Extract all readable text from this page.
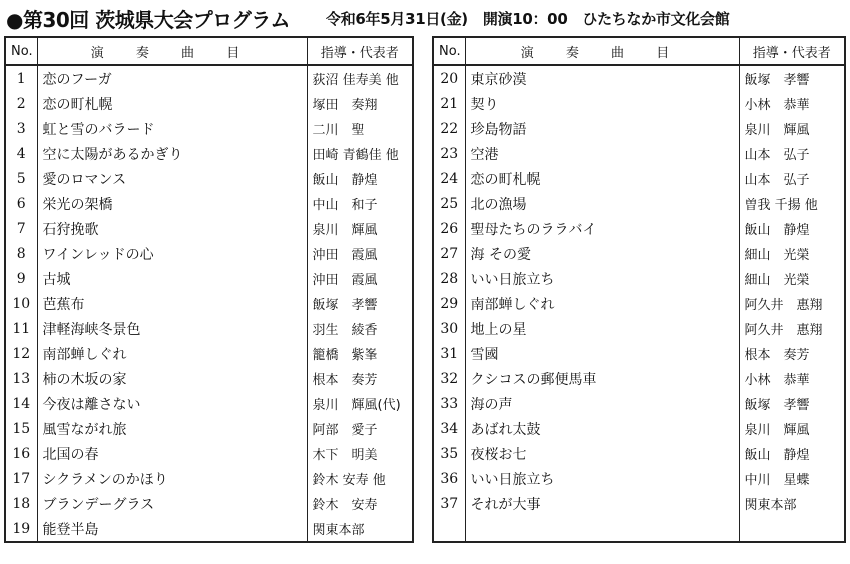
●第30回 茨城県大会プログラム 令和6年5月31日(金) 開演10：00 ひたちなか市文化会館
No.	演 奏 曲 目	指導・代表者
1	恋のフーガ	荻沼 佳寿美 他
2	恋の町札幌	塚田　奏翔
3	虹と雪のバラード	二川　聖
4	空に太陽があるかぎり	田崎 青鶴佳 他
5	愛のロマンス	飯山　静煌
6	栄光の架橋	中山　和子
7	石狩挽歌	泉川　輝風
8	ワインレッドの心	沖田　霞風
9	古城	沖田　霞風
10	芭蕉布	飯塚　孝響
11	津軽海峡冬景色	羽生　綾香
12	南部蝉しぐれ	籠橋　紫峯
13	柿の木坂の家	根本　奏芳
14	今夜は離さない	泉川　輝風(代)
15	風雪ながれ旅	阿部　愛子
16	北国の春	木下　明美
17	シクラメンのかほり	鈴木 安寿 他
18	ブランデーグラス	鈴木　安寿
19	能登半島	関東本部
No.	演 奏 曲 目	指導・代表者
20	東京砂漠	飯塚　孝響
21	契り	小林　恭華
22	珍島物語	泉川　輝風
23	空港	山本　弘子
24	恋の町札幌	山本　弘子
25	北の漁場	曽我 千揚 他
26	聖母たちのララバイ	飯山　静煌
27	海 その愛	細山　光榮
28	いい日旅立ち	細山　光榮
29	南部蝉しぐれ	阿久井　惠翔
30	地上の星	阿久井　惠翔
31	雪國	根本　奏芳
32	クシコスの郵便馬車	小林　恭華
33	海の声	飯塚　孝響
34	あばれ太鼓	泉川　輝風
35	夜桜お七	飯山　静煌
36	いい日旅立ち	中川　星蝶
37	それが大事	関東本部
